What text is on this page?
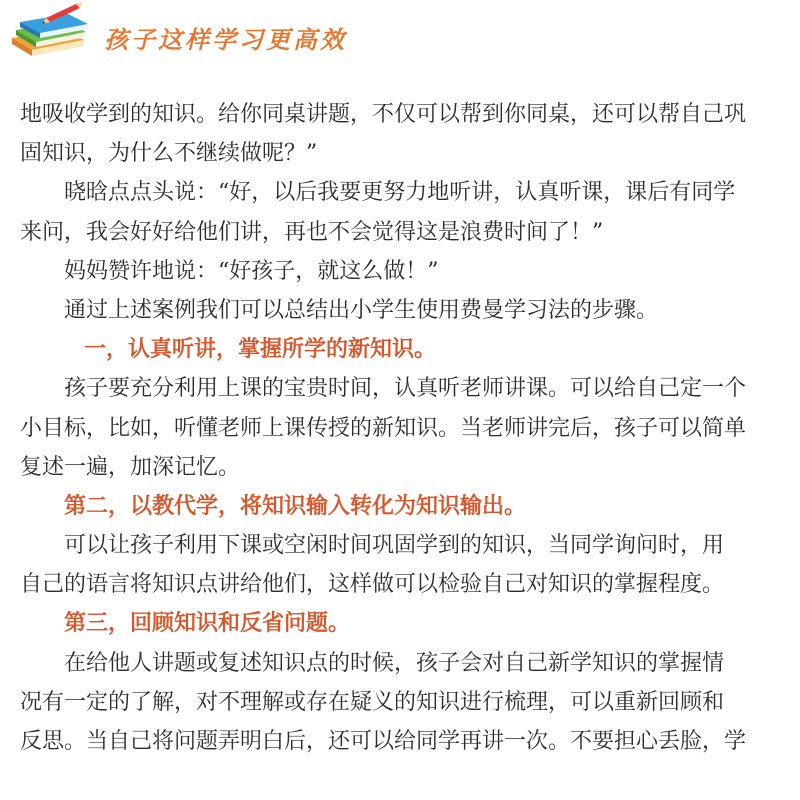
孩子这样学习更高效
地吸收学到的知识。给你同桌讲题，不仅可以帮到你同桌，还可以帮自己巩
固知识，为什么不继续做呢？”
晓晗点点头说：“好，以后我要更努力地听讲，认真听课，课后有同学
来问，我会好好给他们讲，再也不会觉得这是浪费时间了！”
妈妈赞许地说：“好孩子，就这么做！”
通过上述案例我们可以总结出小学生使用费曼学习法的步骤。
一，认真听讲，掌握所学的新知识。
孩子要充分利用上课的宝贵时间，认真听老师讲课。可以给自己定一个
小目标，比如，听懂老师上课传授的新知识。当老师讲完后，孩子可以简单
复述一遍，加深记忆。
第二，以教代学，将知识输入转化为知识输出。
可以让孩子利用下课或空闲时间巩固学到的知识，当同学询问时，用
自己的语言将知识点讲给他们，这样做可以检验自己对知识的掌握程度。
第三，回顾知识和反省问题。
在给他人讲题或复述知识点的时候，孩子会对自己新学知识的掌握情
况有一定的了解，对不理解或存在疑义的知识进行梳理，可以重新回顾和
反思。当自己将问题弄明白后，还可以给同学再讲一次。不要担心丢脸，学
